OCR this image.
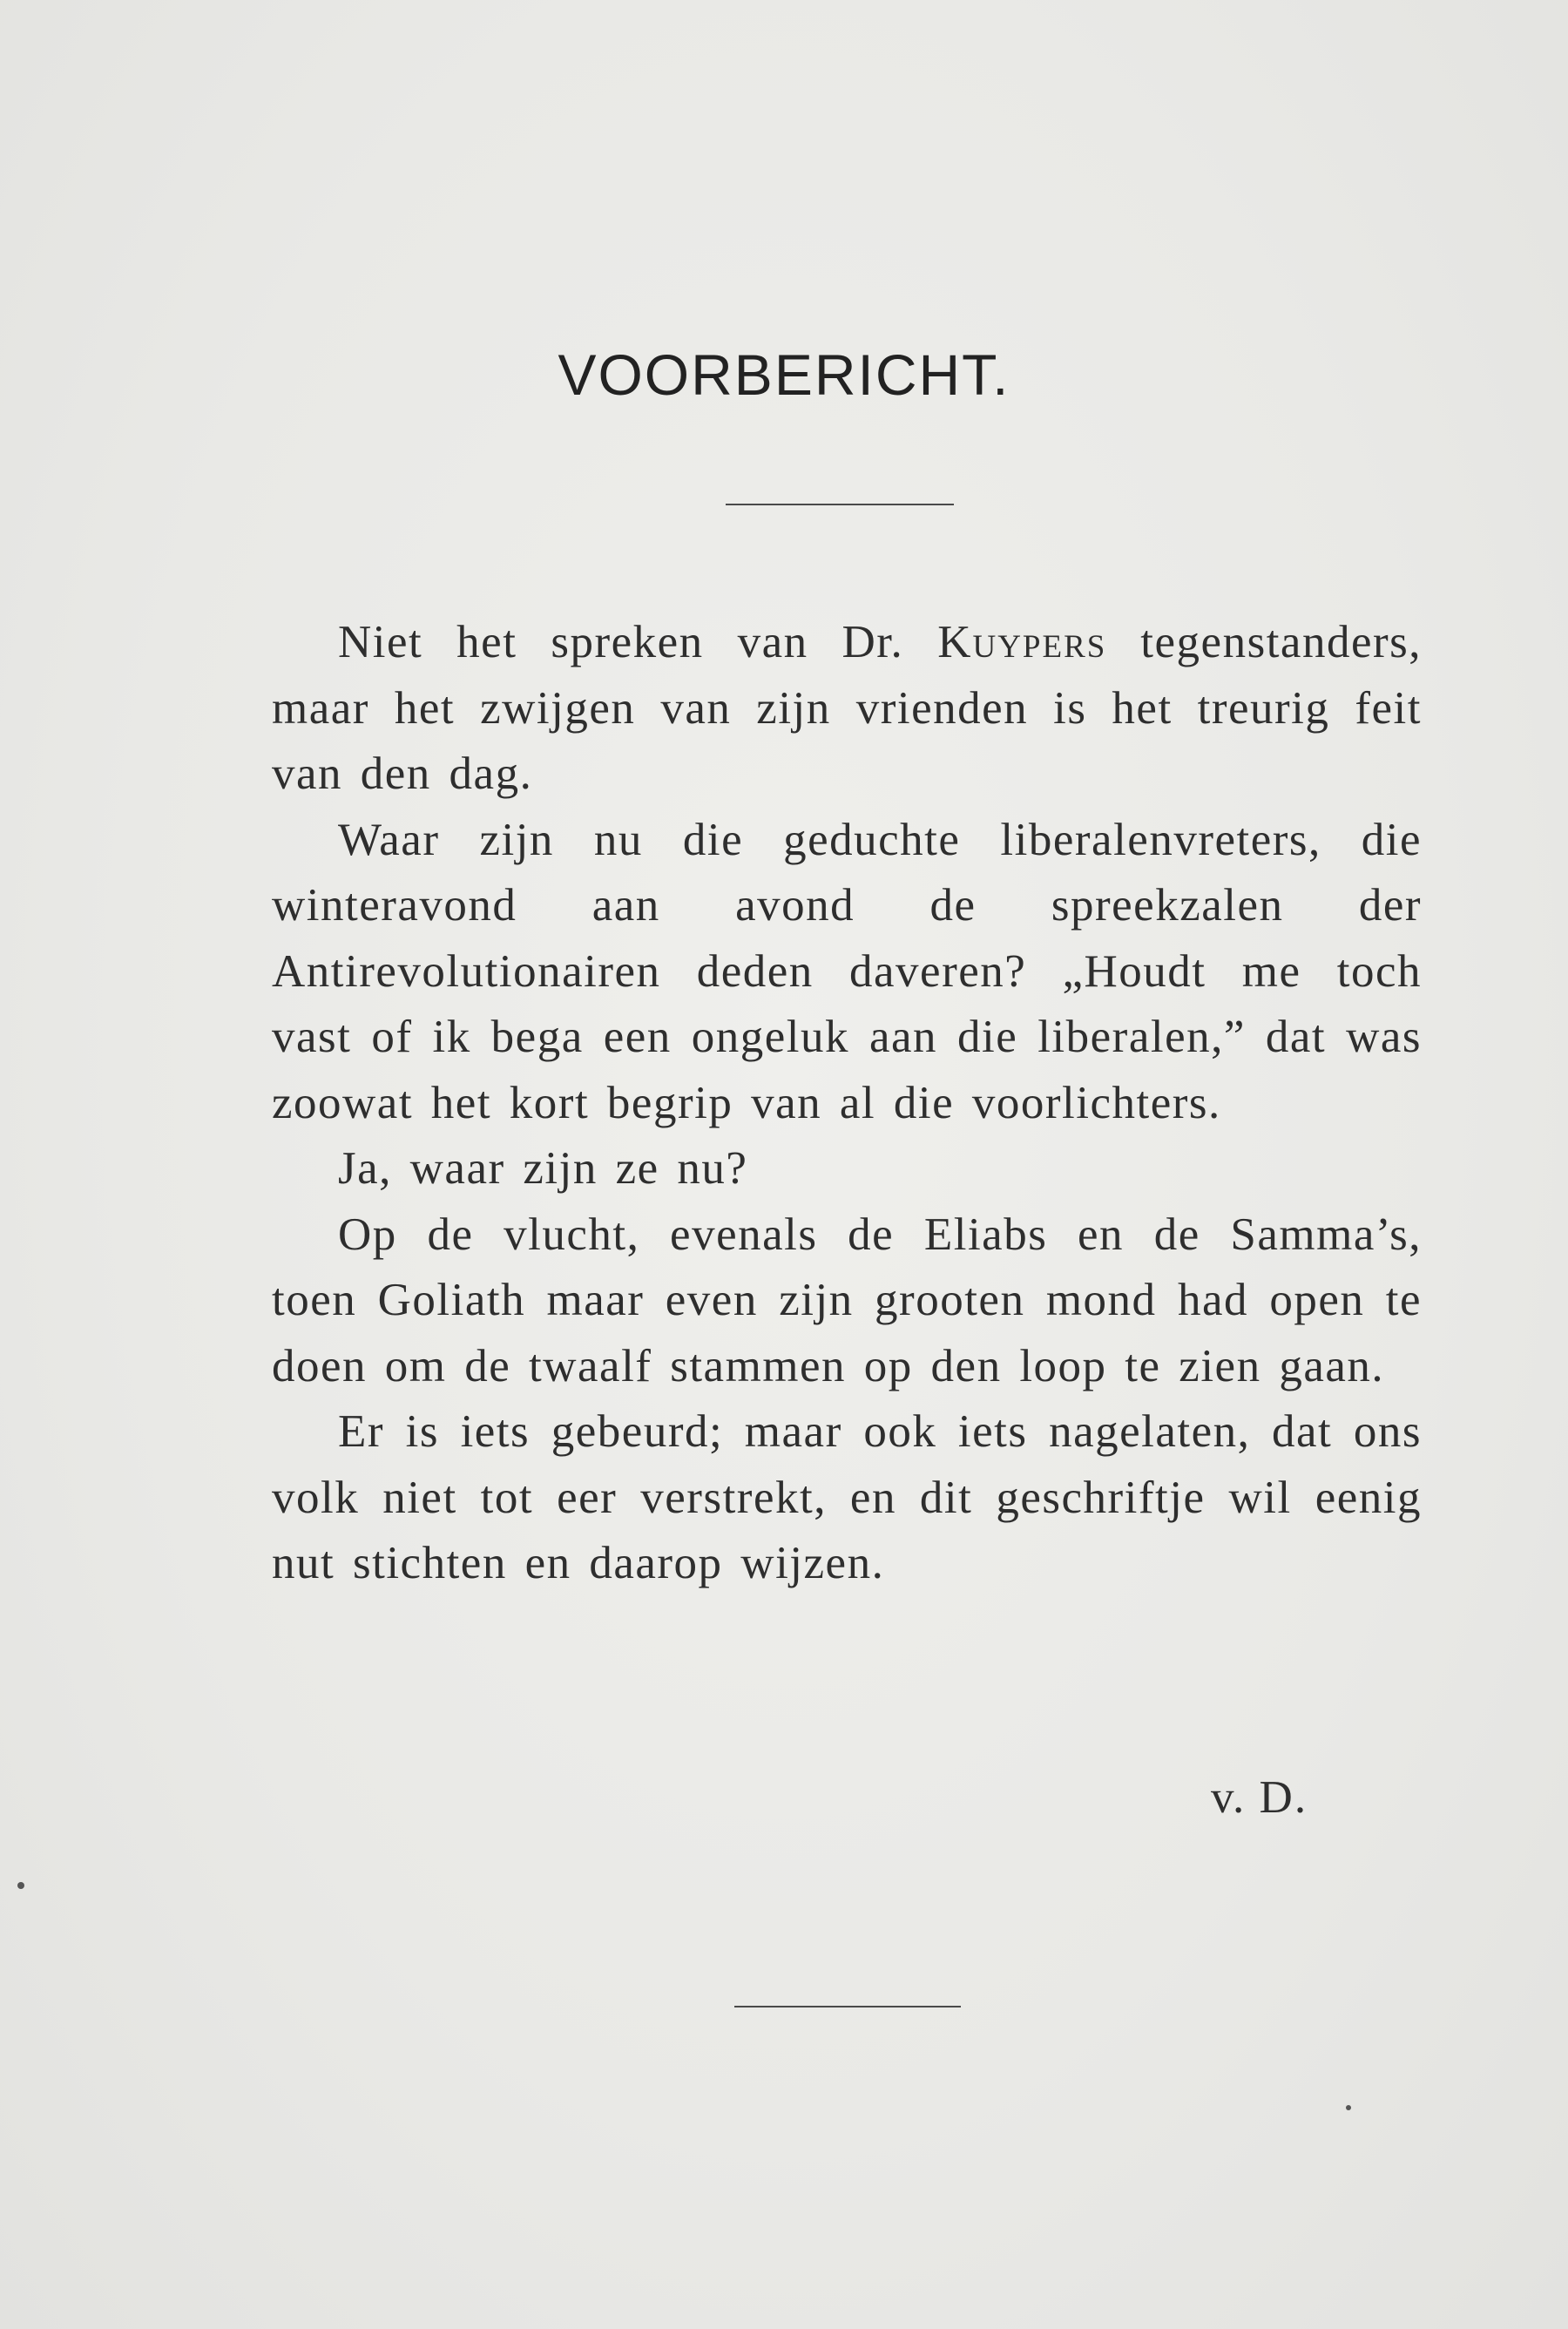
VOORBERICHT.

Niet het spreken van Dr. Kuypers tegenstanders, maar het zwijgen van zijn vrienden is het treurig feit van den dag.

Waar zijn nu die geduchte liberalenvreters, die winteravond aan avond de spreekzalen der Antirevolutionairen deden daveren? „Houdt me toch vast of ik bega een ongeluk aan die liberalen,” dat was zoowat het kort begrip van al die voorlichters.

Ja, waar zijn ze nu?

Op de vlucht, evenals de Eliabs en de Samma’s, toen Goliath maar even zijn grooten mond had open te doen om de twaalf stammen op den loop te zien gaan.

Er is iets gebeurd; maar ook iets nagelaten, dat ons volk niet tot eer verstrekt, en dit geschriftje wil eenig nut stichten en daarop wijzen.

v. D.
